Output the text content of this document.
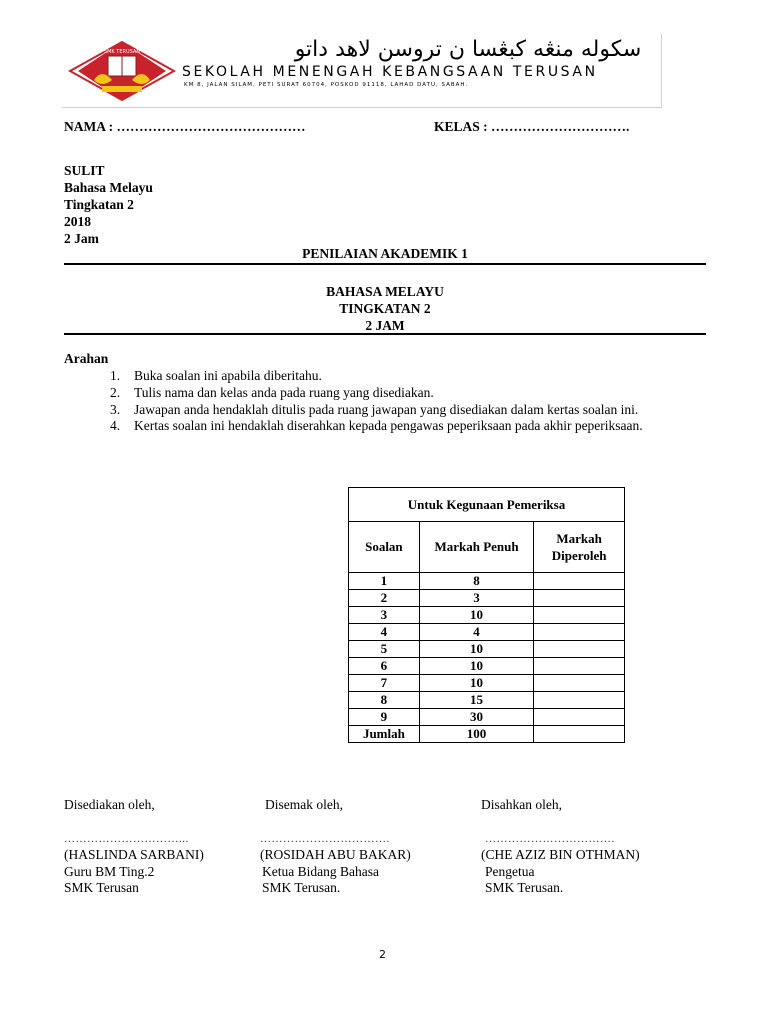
SMK TERUSAN	سکوله منڠه کبڠسا ن تروسن لاهد داتو
SEKOLAH MENENGAH KEBANGSAAN TERUSAN
KM 8, JALAN SILAM, PETI SURAT 60704, POSKOD 91118, LAHAD DATU, SABAH.
NAMA : ……………………………………	KELAS : ………………………….
SULIT
Bahasa Melayu
Tingkatan 2
2018
2 Jam
PENILAIAN AKADEMIK 1
BAHASA MELAYU
TINGKATAN 2
2 JAM
Arahan
1. Buka soalan ini apabila diberitahu.
2. Tulis nama dan kelas anda pada ruang yang disediakan.
3. Jawapan anda hendaklah ditulis pada ruang jawapan yang disediakan dalam kertas soalan ini.
4. Kertas soalan ini hendaklah diserahkan kepada pengawas peperiksaan pada akhir peperiksaan.
Untuk Kegunaan Pemeriksa		
Soalan	Markah Penuh	Markah Diperoleh
1	8	
2	3	
3	10	
4	4	
5	10	
6	10	
7	10	
8	15	
9	30	
Jumlah	100	
Disediakan oleh,
…………………………...
(HASLINDA SARBANI)
Guru BM Ting.2
SMK Terusan
Disemak oleh,
…………………………….
(ROSIDAH ABU BAKAR)
Ketua Bidang Bahasa
SMK Terusan.
Disahkan oleh,
…………………………….
(CHE AZIZ BIN OTHMAN)
Pengetua
SMK Terusan.
2
